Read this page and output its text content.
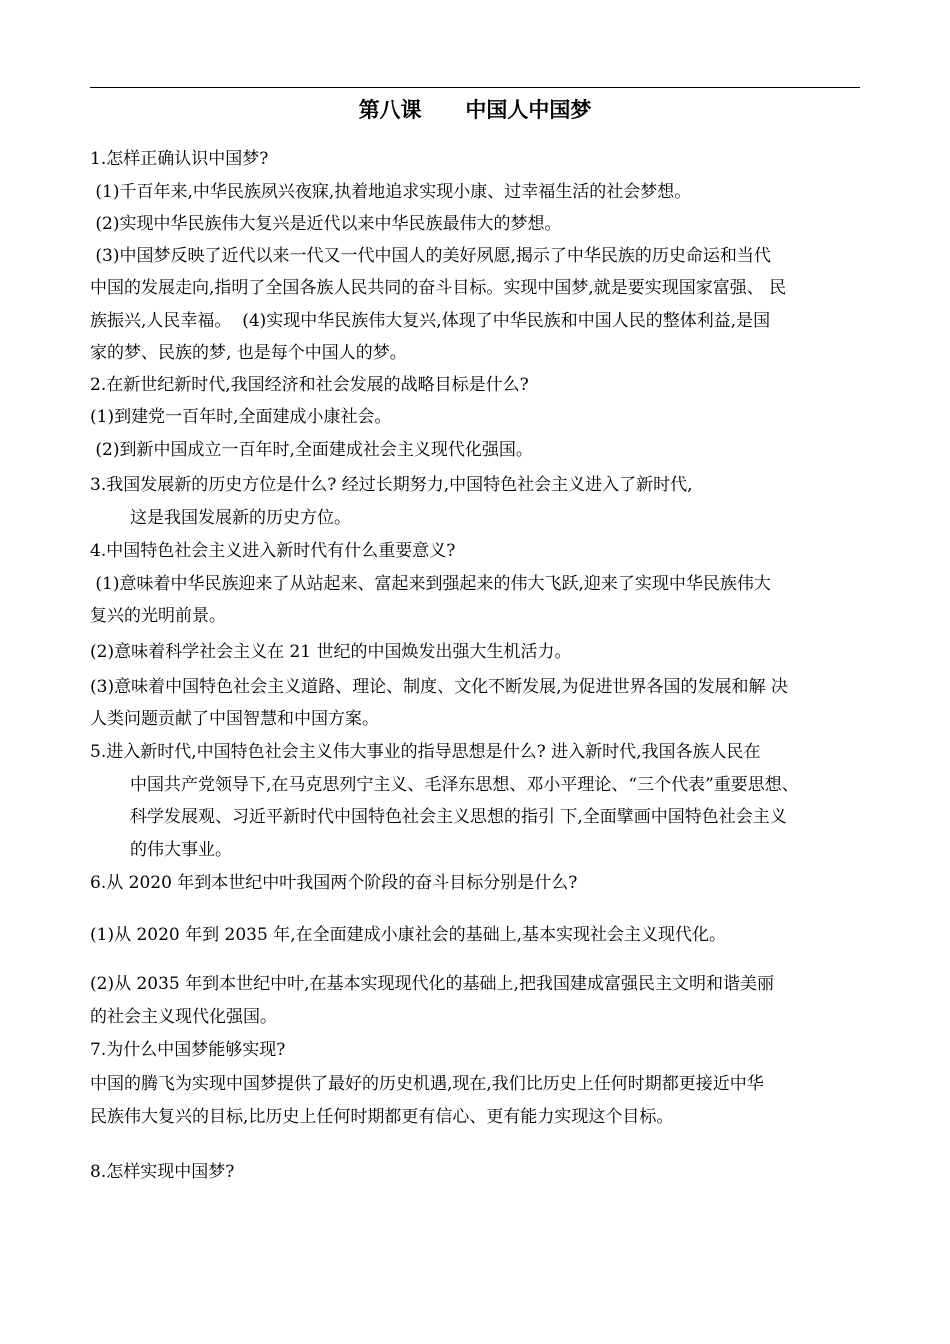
第八课      中国人中国梦
1.怎样正确认识中国梦?
(1)千百年来,中华民族夙兴夜寐,执着地追求实现小康、过幸福生活的社会梦想。
(2)实现中华民族伟大复兴是近代以来中华民族最伟大的梦想。
(3)中国梦反映了近代以来一代又一代中国人的美好夙愿,揭示了中华民族的历史命运和当代
中国的发展走向,指明了全国各族人民共同的奋斗目标。实现中国梦,就是要实现国家富强、 民
族振兴,人民幸福。  (4)实现中华民族伟大复兴,体现了中华民族和中国人民的整体利益,是国
家的梦、民族的梦, 也是每个中国人的梦。
2.在新世纪新时代,我国经济和社会发展的战略目标是什么?
(1)到建党一百年时,全面建成小康社会。
(2)到新中国成立一百年时,全面建成社会主义现代化强国。
3.我国发展新的历史方位是什么? 经过长期努力,中国特色社会主义进入了新时代,
这是我国发展新的历史方位。
4.中国特色社会主义进入新时代有什么重要意义?
(1)意味着中华民族迎来了从站起来、富起来到强起来的伟大飞跃,迎来了实现中华民族伟大
复兴的光明前景。
(2)意味着科学社会主义在 21 世纪的中国焕发出强大生机活力。
(3)意味着中国特色社会主义道路、理论、制度、文化不断发展,为促进世界各国的发展和解 决
人类问题贡献了中国智慧和中国方案。
5.进入新时代,中国特色社会主义伟大事业的指导思想是什么? 进入新时代,我国各族人民在
中国共产党领导下,在马克思列宁主义、毛泽东思想、邓小平理论、“三个代表”重要思想、
科学发展观、习近平新时代中国特色社会主义思想的指引 下,全面擘画中国特色社会主义
的伟大事业。
6.从 2020 年到本世纪中叶我国两个阶段的奋斗目标分别是什么?
(1)从 2020 年到 2035 年,在全面建成小康社会的基础上,基本实现社会主义现代化。
(2)从 2035 年到本世纪中叶,在基本实现现代化的基础上,把我国建成富强民主文明和谐美丽
的社会主义现代化强国。
7.为什么中国梦能够实现?
中国的腾飞为实现中国梦提供了最好的历史机遇,现在,我们比历史上任何时期都更接近中华
民族伟大复兴的目标,比历史上任何时期都更有信心、更有能力实现这个目标。
8.怎样实现中国梦?
